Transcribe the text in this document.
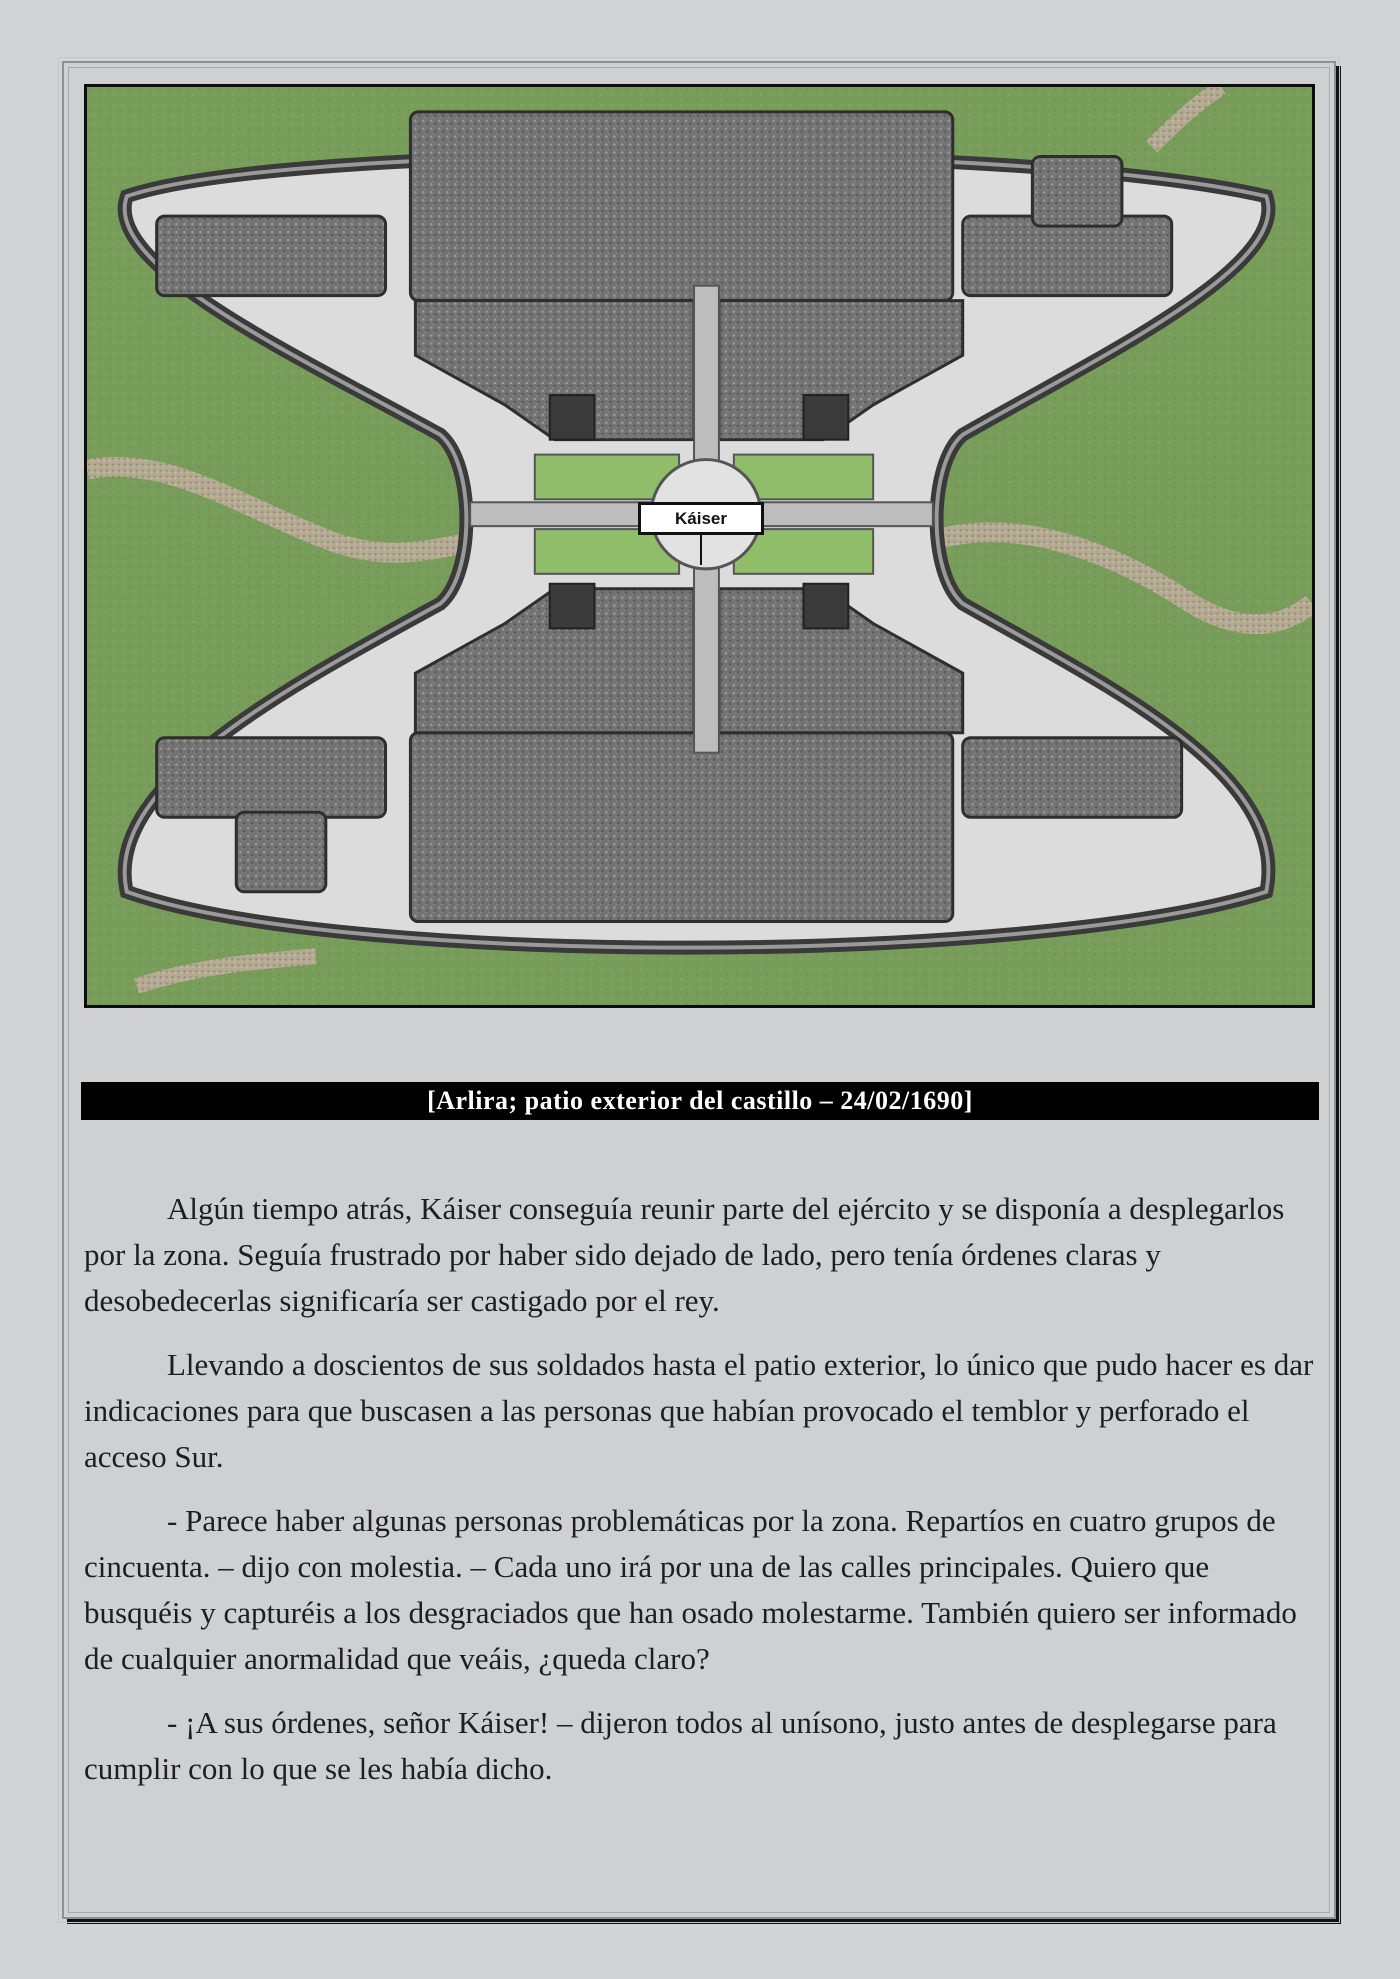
Káiser
[Arlira; patio exterior del castillo – 24/02/1690]

Algún tiempo atrás, Káiser conseguía reunir parte del ejército y se disponía a desplegarlos por la zona. Seguía frustrado por haber sido dejado de lado, pero tenía órdenes claras y desobedecerlas significaría ser castigado por el rey.

Llevando a doscientos de sus soldados hasta el patio exterior, lo único que pudo hacer es dar indicaciones para que buscasen a las personas que habían provocado el temblor y perforado el acceso Sur.

- Parece haber algunas personas problemáticas por la zona. Repartíos en cuatro grupos de cincuenta. – dijo con molestia. – Cada uno irá por una de las calles principales. Quiero que busquéis y capturéis a los desgraciados que han osado molestarme. También quiero ser informado de cualquier anormalidad que veáis, ¿queda claro?

- ¡A sus órdenes, señor Káiser! – dijeron todos al unísono, justo antes de desplegarse para cumplir con lo que se les había dicho.
